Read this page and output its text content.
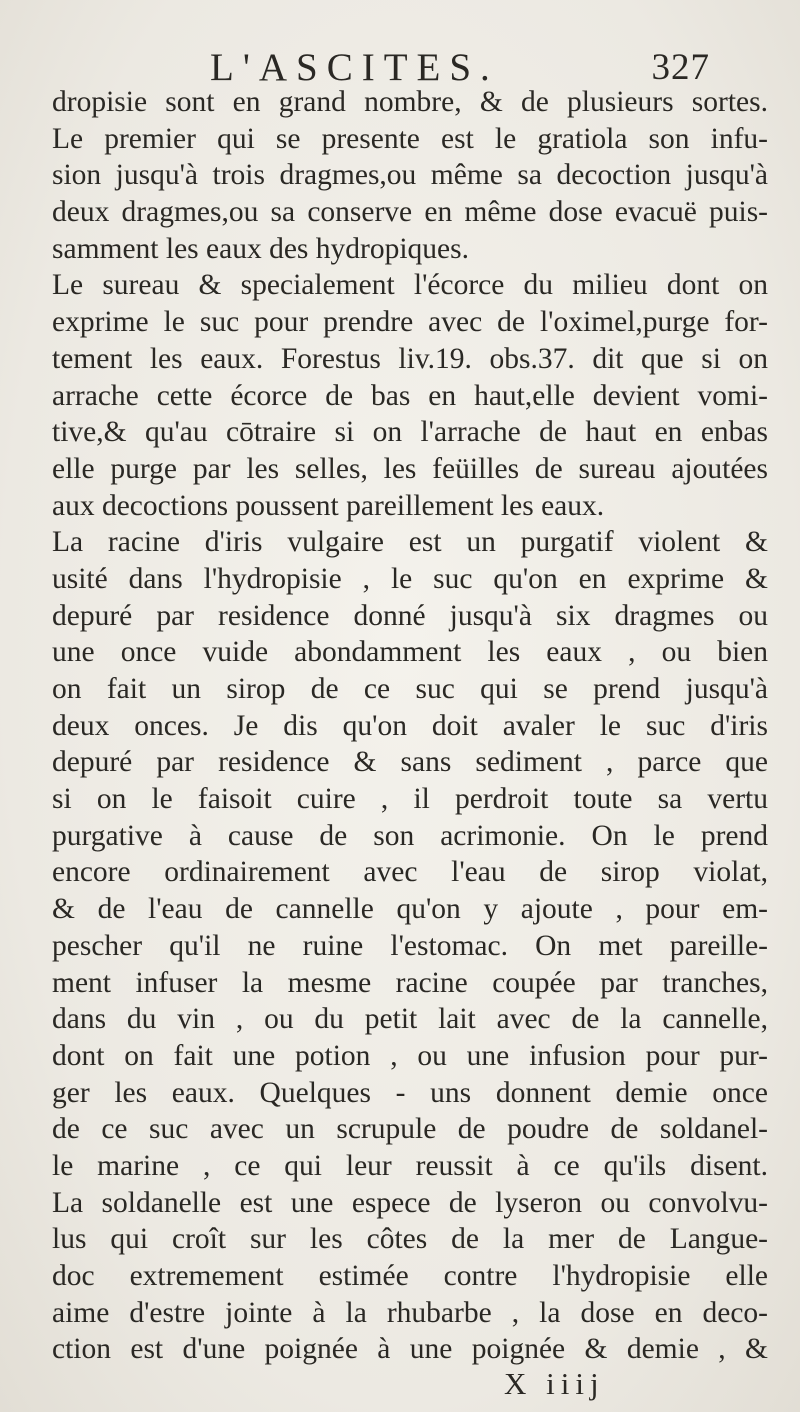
L'ASCITES.	327
dropisie sont en grand nombre, & de plusieurs sortes.
Le premier qui se presente est le gratiola son infu-
sion jusqu'à trois dragmes,ou même sa decoction jusqu'à
deux dragmes,ou sa conserve en même dose evacuë puis-
samment les eaux des hydropiques.
Le sureau & specialement l'écorce du milieu dont on
exprime le suc pour prendre avec de l'oximel,purge for-
tement les eaux. Forestus liv.19. obs.37. dit que si on
arrache cette écorce de bas en haut,elle devient vomi-
tive,& qu'au cōtraire si on l'arrache de haut en enbas
elle purge par les selles, les feüilles de sureau ajoutées
aux decoctions poussent pareillement les eaux.
La racine d'iris vulgaire est un purgatif violent &
usité dans l'hydropisie , le suc qu'on en exprime &
depuré par residence donné jusqu'à six dragmes ou
une once vuide abondamment les eaux , ou bien
on fait un sirop de ce suc qui se prend jusqu'à
deux onces. Je dis qu'on doit avaler le suc d'iris
depuré par residence & sans sediment , parce que
si on le faisoit cuire , il perdroit toute sa vertu
purgative à cause de son acrimonie. On le prend
encore ordinairement avec l'eau de sirop violat,
& de l'eau de cannelle qu'on y ajoute , pour em-
pescher qu'il ne ruine l'estomac. On met pareille-
ment infuser la mesme racine coupée par tranches,
dans du vin , ou du petit lait avec de la cannelle,
dont on fait une potion , ou une infusion pour pur-
ger les eaux. Quelques - uns donnent demie once
de ce suc avec un scrupule de poudre de soldanel-
le marine , ce qui leur reussit à ce qu'ils disent.
La soldanelle est une espece de lyseron ou convolvu-
lus qui croît sur les côtes de la mer de Langue-
doc extremement estimée contre l'hydropisie elle
aime d'estre jointe à la rhubarbe , la dose en deco-
ction est d'une poignée à une poignée & demie , &
X iiij
